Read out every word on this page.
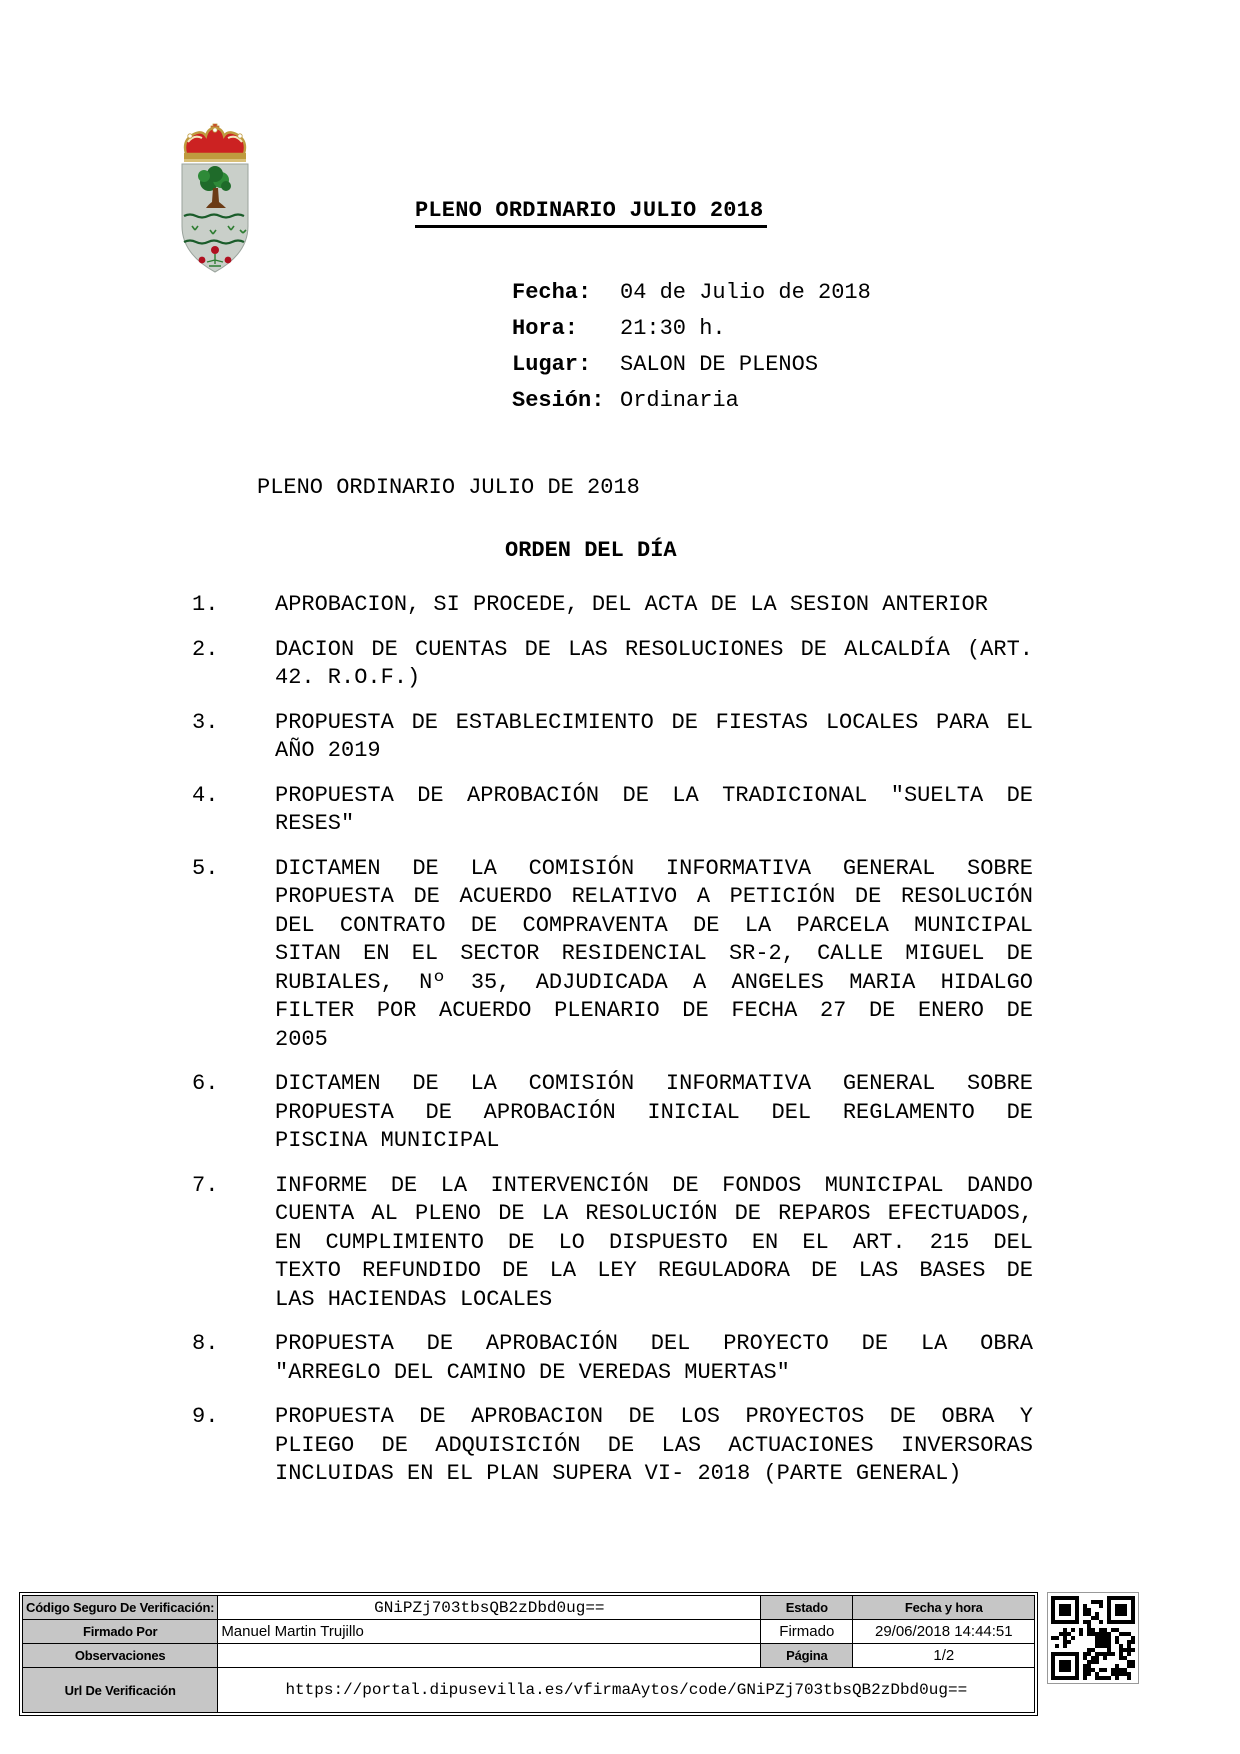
PLENO ORDINARIO JULIO 2018
Fecha:	04 de Julio de 2018
Hora:	21:30 h.
Lugar:	SALON DE PLENOS
Sesión: Ordinaria
PLENO ORDINARIO JULIO DE 2018
ORDEN DEL DÍA
1.	APROBACION, SI PROCEDE, DEL ACTA DE LA SESION ANTERIOR
2.	DACION DE CUENTAS DE LAS RESOLUCIONES DE ALCALDÍA (ART.
42. R.O.F.)
3.	PROPUESTA DE ESTABLECIMIENTO DE FIESTAS LOCALES PARA EL
AÑO 2019
4.	PROPUESTA DE APROBACIÓN DE LA TRADICIONAL "SUELTA DE
RESES"
5.	DICTAMEN DE LA COMISIÓN INFORMATIVA GENERAL SOBRE
PROPUESTA DE ACUERDO RELATIVO A PETICIÓN DE RESOLUCIÓN
DEL CONTRATO DE COMPRAVENTA DE LA PARCELA MUNICIPAL
SITAN EN EL SECTOR RESIDENCIAL SR-2, CALLE MIGUEL DE
RUBIALES, Nº 35, ADJUDICADA A ANGELES MARIA HIDALGO
FILTER POR ACUERDO PLENARIO DE FECHA 27 DE ENERO DE
2005
6.	DICTAMEN DE LA COMISIÓN INFORMATIVA GENERAL SOBRE
PROPUESTA DE APROBACIÓN INICIAL DEL REGLAMENTO DE
PISCINA MUNICIPAL
7.	INFORME DE LA INTERVENCIÓN DE FONDOS MUNICIPAL DANDO
CUENTA AL PLENO DE LA RESOLUCIÓN DE REPAROS EFECTUADOS,
EN CUMPLIMIENTO DE LO DISPUESTO EN EL ART. 215 DEL
TEXTO REFUNDIDO DE LA LEY REGULADORA DE LAS BASES DE
LAS HACIENDAS LOCALES
8.	PROPUESTA DE APROBACIÓN DEL PROYECTO DE LA OBRA
"ARREGLO DEL CAMINO DE VEREDAS MUERTAS"
9.	PROPUESTA DE APROBACION DE LOS PROYECTOS DE OBRA Y
PLIEGO DE ADQUISICIÓN DE LAS ACTUACIONES INVERSORAS
INCLUIDAS EN EL PLAN SUPERA VI- 2018 (PARTE GENERAL)
Código Seguro De Verificación:	GNiPZj703tbsQB2zDbd0ug==	Estado	Fecha y hora
Firmado Por	Manuel Martin Trujillo	Firmado	29/06/2018 14:44:51
Observaciones		Página	1/2
Url De Verificación	https://portal.dipusevilla.es/vfirmaAytos/code/GNiPZj703tbsQB2zDbd0ug==		
